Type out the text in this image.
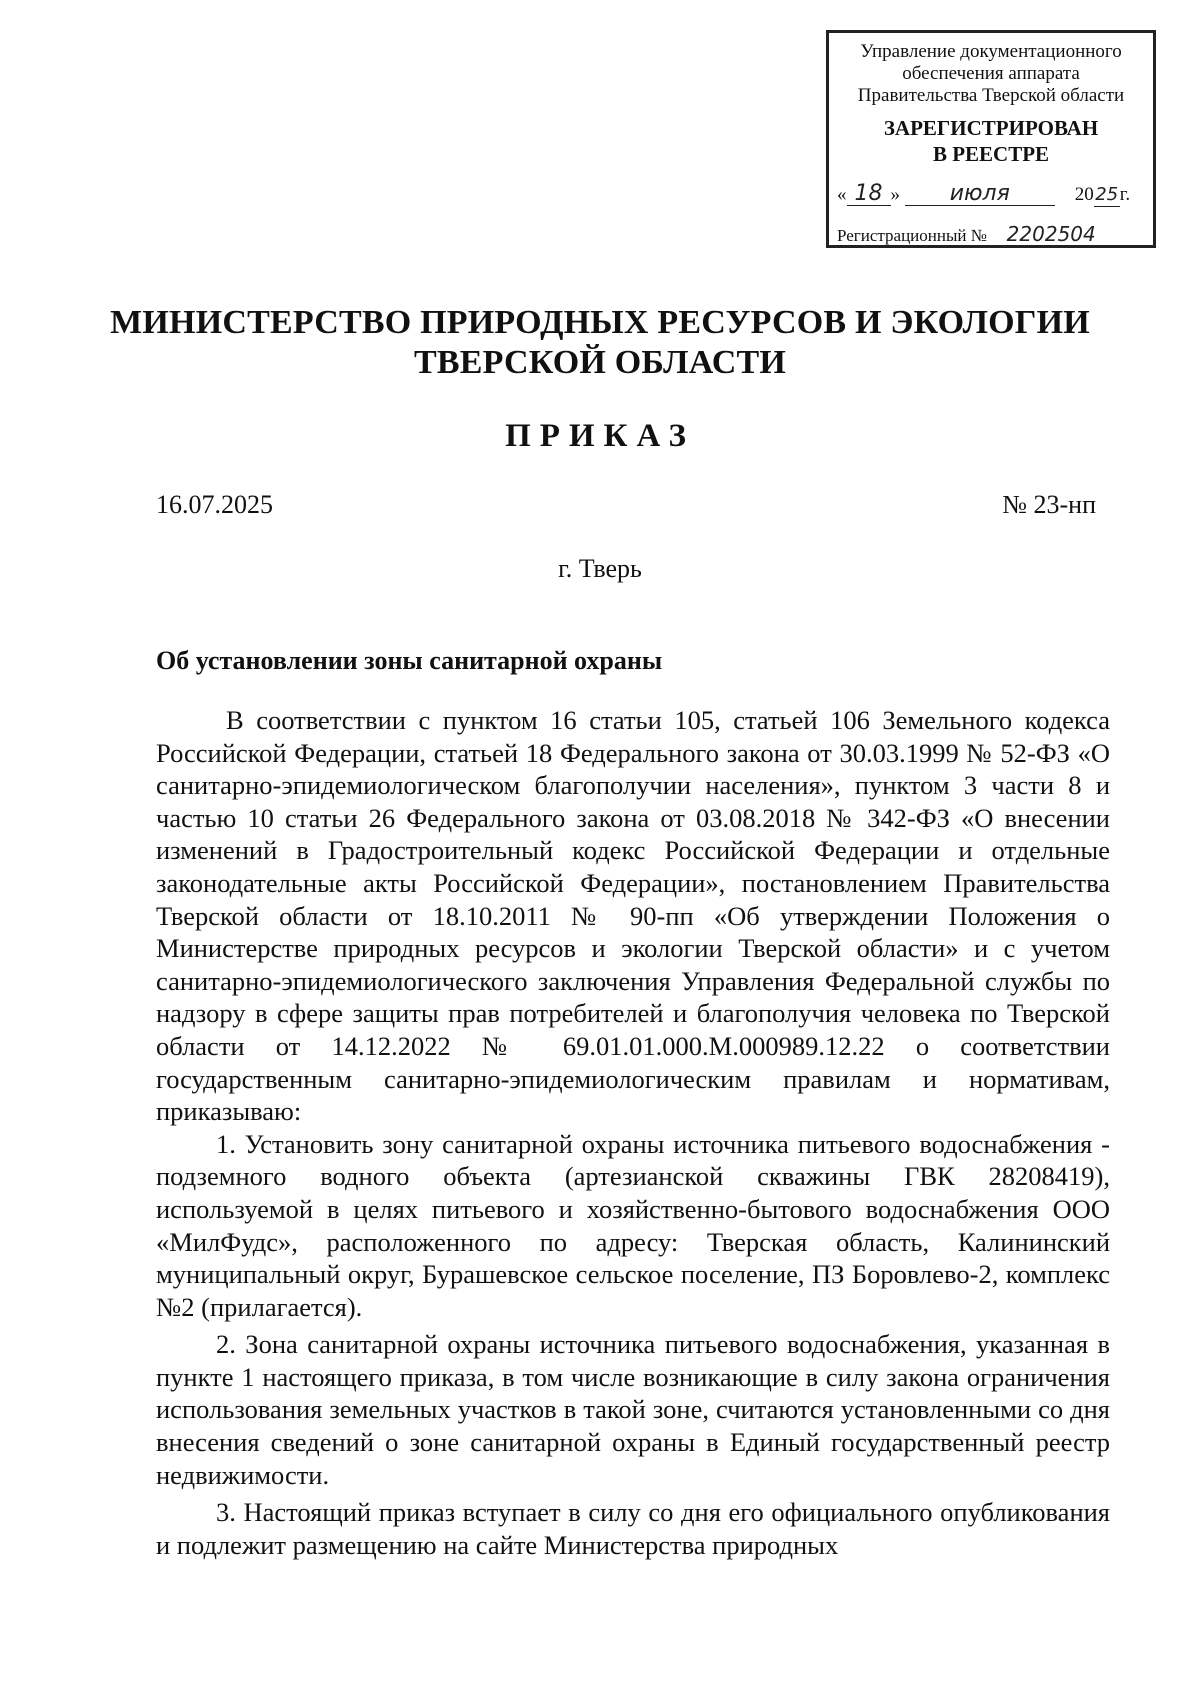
Управление документационного
обеспечения аппарата
Правительства Тверской области
ЗАРЕГИСТРИРОВАН
В РЕЕСТРЕ
« 18 » июля	2025г.
Регистрационный № 2202504
МИНИСТЕРСТВО ПРИРОДНЫХ РЕСУРСОВ И ЭКОЛОГИИ
ТВЕРСКОЙ ОБЛАСТИ
ПРИКАЗ
16.07.2025	№ 23-нп
г. Тверь
Об установлении зоны санитарной охраны

В соответствии с пунктом 16 статьи 105, статьей 106 Земельного кодекса Российской Федерации, статьей 18 Федерального закона от 30.03.1999 № 52-ФЗ «О санитарно-эпидемиологическом благополучии населения», пунктом 3 части 8 и частью 10 статьи 26 Федерального закона от 03.08.2018 № 342-ФЗ «О внесении изменений в Градостроительный кодекс Российской Федерации и отдельные законодательные акты Российской Федерации», постановлением Правительства Тверской области от 18.10.2011 № 90-пп «Об утверждении Положения о Министерстве природных ресурсов и экологии Тверской области» и с учетом санитарно-эпидемиологического заключения Управления Федеральной службы по надзору в сфере защиты прав потребителей и благополучия человека по Тверской области от 14.12.2022 № 69.01.01.000.М.000989.12.22 о соответствии государственным санитарно-эпидемиологическим правилам и нормативам, приказываю:

1. Установить зону санитарной охраны источника питьевого водоснабжения - подземного водного объекта (артезианской скважины ГВК 28208419), используемой в целях питьевого и хозяйственно-бытового водоснабжения ООО «МилФудс», расположенного по адресу: Тверская область, Калининский муниципальный округ, Бурашевское сельское поселение, ПЗ Боровлево-2, комплекс №2 (прилагается).

2. Зона санитарной охраны источника питьевого водоснабжения, указанная в пункте 1 настоящего приказа, в том числе возникающие в силу закона ограничения использования земельных участков в такой зоне, считаются установленными со дня внесения сведений о зоне санитарной охраны в Единый государственный реестр недвижимости.

3. Настоящий приказ вступает в силу со дня его официального опубликования и подлежит размещению на сайте Министерства природных
